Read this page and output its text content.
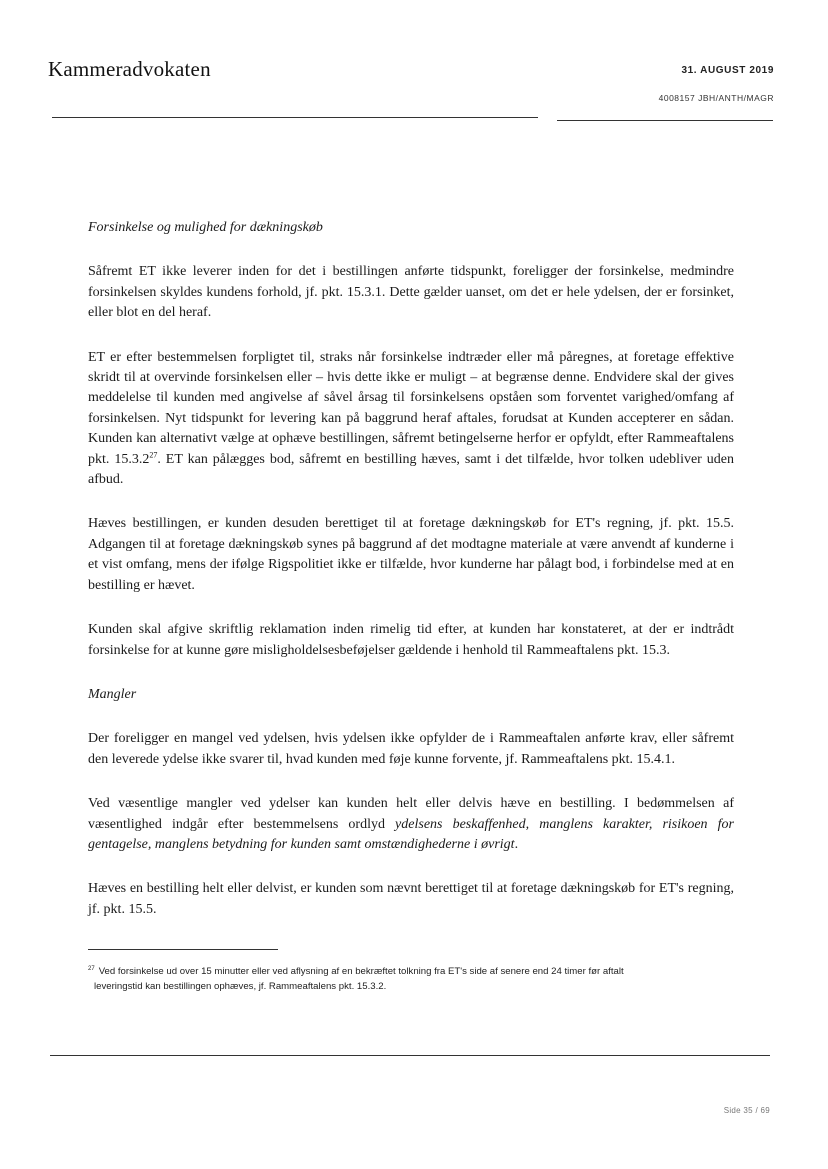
Kammeradvokaten	31. AUGUST 2019
4008157 JBH/ANTH/MAGR

Forsinkelse og mulighed for dækningskøb

Såfremt ET ikke leverer inden for det i bestillingen anførte tidspunkt, foreligger der forsinkelse, medmindre forsinkelsen skyldes kundens forhold, jf. pkt. 15.3.1. Dette gælder uanset, om det er hele ydelsen, der er forsinket, eller blot en del heraf.

ET er efter bestemmelsen forpligtet til, straks når forsinkelse indtræder eller må påregnes, at foretage effektive skridt til at overvinde forsinkelsen eller – hvis dette ikke er muligt – at begrænse denne. Endvidere skal der gives meddelelse til kunden med angivelse af såvel årsag til forsinkelsens opståen som forventet varighed/omfang af forsinkelsen. Nyt tidspunkt for levering kan på baggrund heraf aftales, forudsat at Kunden accepterer en sådan. Kunden kan alternativt vælge at ophæve bestillingen, såfremt betingelserne herfor er opfyldt, efter Rammeaftalens pkt. 15.3.2$^{27}$. ET kan pålægges bod, såfremt en bestilling hæves, samt i det tilfælde, hvor tolken udebliver uden afbud.

Hæves bestillingen, er kunden desuden berettiget til at foretage dækningskøb for ET's regning, jf. pkt. 15.5. Adgangen til at foretage dækningskøb synes på baggrund af det modtagne materiale at være anvendt af kunderne i et vist omfang, mens der ifølge Rigspolitiet ikke er tilfælde, hvor kunderne har pålagt bod, i forbindelse med at en bestilling er hævet.

Kunden skal afgive skriftlig reklamation inden rimelig tid efter, at kunden har konstateret, at der er indtrådt forsinkelse for at kunne gøre misligholdelsesbeføjelser gældende i henhold til Rammeaftalens pkt. 15.3.

Mangler

Der foreligger en mangel ved ydelsen, hvis ydelsen ikke opfylder de i Rammeaftalen anførte krav, eller såfremt den leverede ydelse ikke svarer til, hvad kunden med føje kunne forvente, jf. Rammeaftalens pkt. 15.4.1.

Ved væsentlige mangler ved ydelser kan kunden helt eller delvis hæve en bestilling. I bedømmelsen af væsentlighed indgår efter bestemmelsens ordlyd ydelsens beskaffenhed, manglens karakter, risikoen for gentagelse, manglens betydning for kunden samt omstændighederne i øvrigt.

Hæves en bestilling helt eller delvist, er kunden som nævnt berettiget til at foretage dækningskøb for ET's regning, jf. pkt. 15.5.

$^{27}$ Ved forsinkelse ud over 15 minutter eller ved aflysning af en bekræftet tolkning fra ET's side af senere end 24 timer før aftalt
leveringstid kan bestillingen ophæves, jf. Rammeaftalens pkt. 15.3.2.
Side 35 / 69
